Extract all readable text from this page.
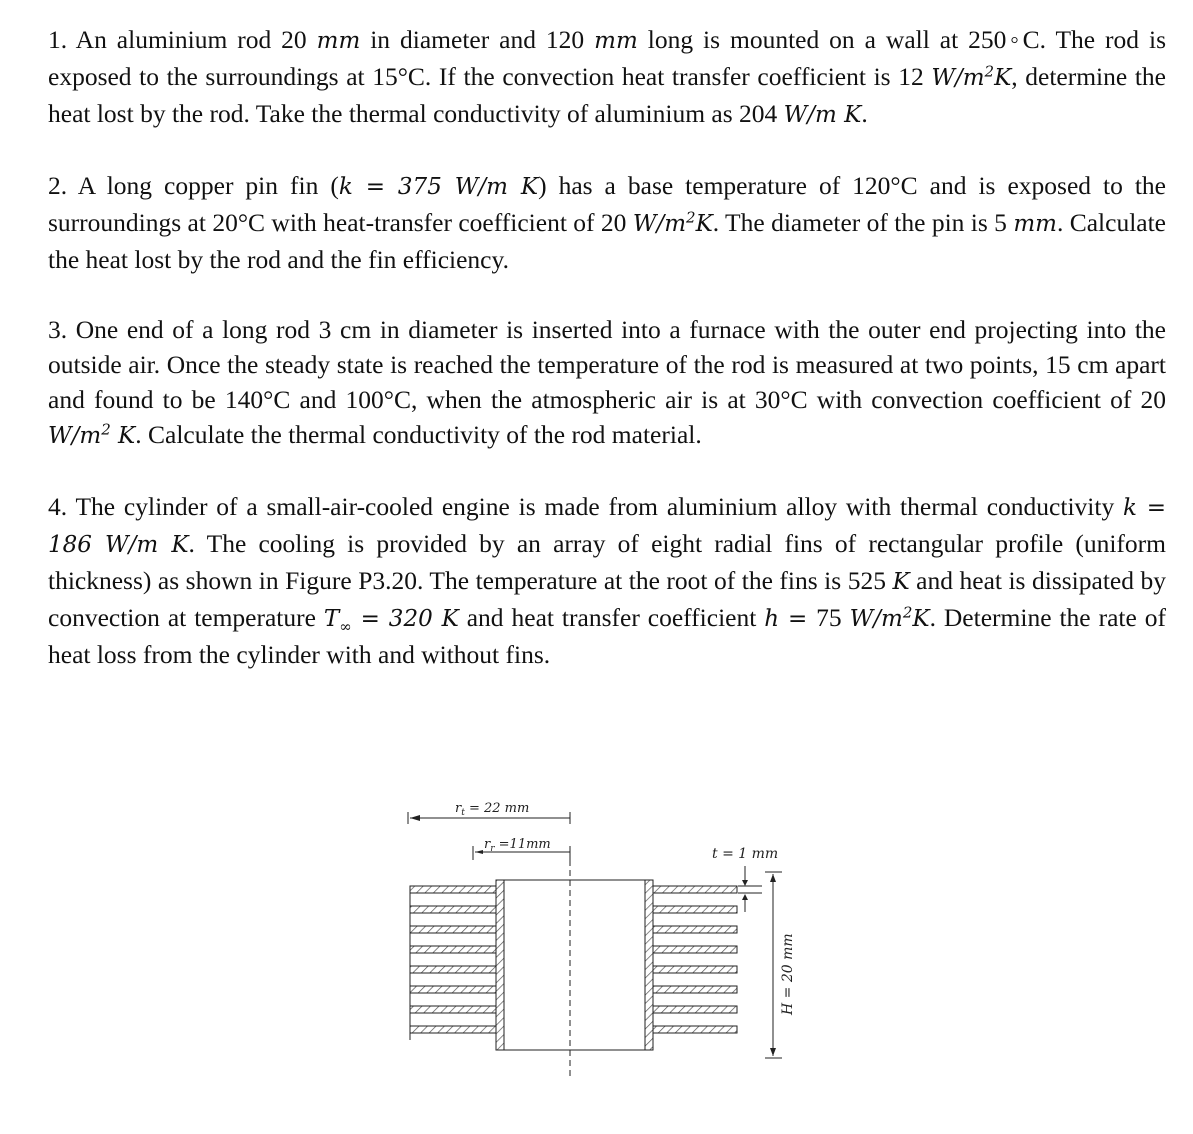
1. An aluminium rod 20 mm in diameter and 120 mm long is mounted on a wall at 250◦C. The rod is exposed to the surroundings at 15°C. If the convection heat transfer coefficient is 12 $W/m^2K$, determine the heat lost by the rod. Take the thermal conductivity of aluminium as 204 W/m K.

2. A long copper pin fin (k = 375 W/m K) has a base temperature of 120°C and is exposed to the surroundings at 20°C with heat-transfer coefficient of 20 $W/m^2K$. The diameter of the pin is 5 mm. Calculate the heat lost by the rod and the fin efficiency.

3. One end of a long rod 3 cm in diameter is inserted into a furnace with the outer end projecting into the outside air. Once the steady state is reached the temperature of the rod is measured at two points, 15 cm apart and found to be 140°C and 100°C, when the atmospheric air is at 30°C with convection coefficient of 20 $W/m^2$ K. Calculate the thermal conductivity of the rod material.

4. The cylinder of a small-air-cooled engine is made from aluminium alloy with thermal conductivity k = 186 W/m K. The cooling is provided by an array of eight radial fins of rectangular profile (uniform thickness) as shown in Figure P3.20. The temperature at the root of the fins is 525 K and heat is dissipated by convection at temperature $T_\infty = 320$ K and heat transfer coefficient h = 75 $W/m^2K$. Determine the rate of heat loss from the cylinder with and without fins.

$r_t = 22$ mm
$r_r =11mm$
t = 1 mm
H = 20 mm
